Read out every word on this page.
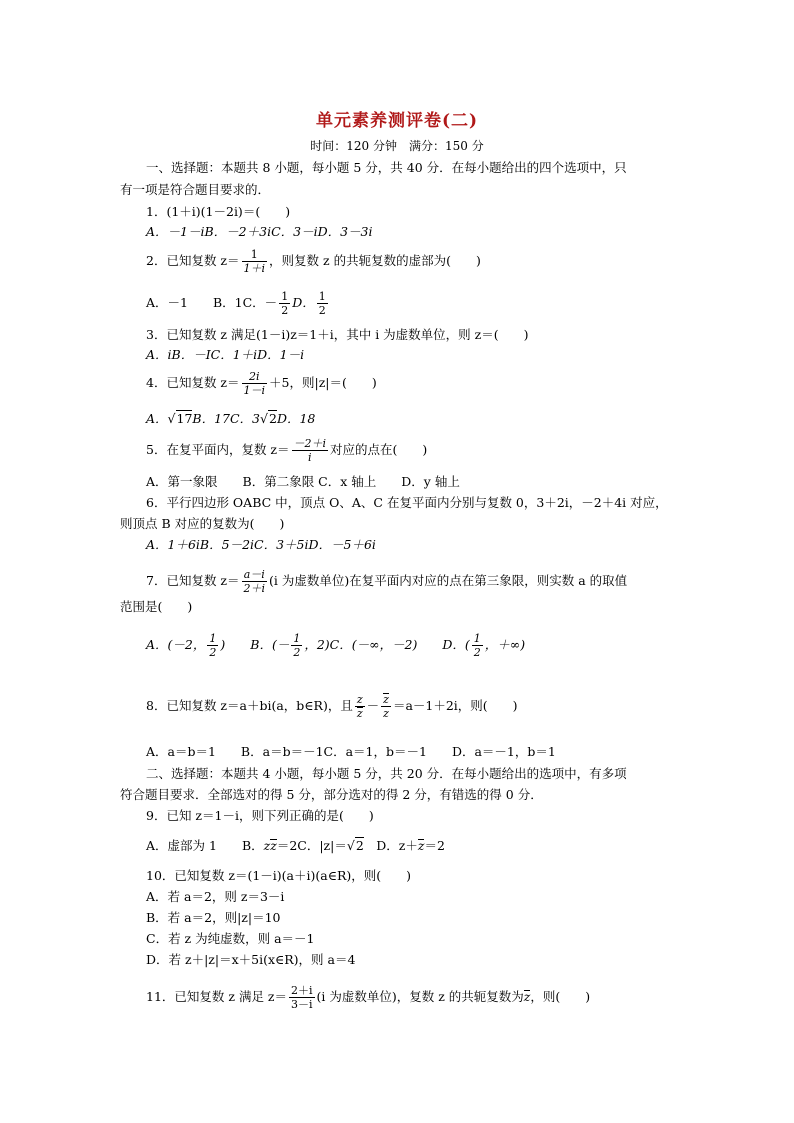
单元素养测评卷(二)
时间：120 分钟　满分：150 分
一、选择题：本题共 8 小题，每小题 5 分，共 40 分．在每小题给出的四个选项中，只
有一项是符合题目要求的．
1．(1＋i)(1－2i)＝(　　)
A．－1－iB．－2＋3iC．3－iD．3－3i
2．已知复数 $z= \frac{1}{1+i}$ ，则复数 z 的共轭复数的虚部为(　　)
A．－1　　B．1C．－ $\frac{1}{2}$ D． $\frac{1}{2}$
3．已知复数 z 满足(1－i)z＝1＋i，其中 i 为虚数单位，则 z＝(　　)
A．iB．－IC．1＋iD．1－i
4．已知复数 $z= \frac{2i}{1-i} +5$，则|z|＝(　　)
A．√17B．17C．3√2D．18
5．在复平面内，复数 $z= \frac{-2+i}{i}$ 对应的点在(　　)
A．第一象限　　B．第二象限 C．x 轴上　　D．y 轴上
6．平行四边形 OABC 中，顶点 O、A、C 在复平面内分别与复数 0，3＋2i，－2＋4i 对应，
则顶点 B 对应的复数为(　　)
A．1＋6iB．5－2iC．3＋5iD．－5＋6i
7．已知复数 $z= \frac{a-i}{2+i} (i$ 为虚数单位)在复平面内对应的点在第三象限，则实数 a 的取值
范围是(　　)
A．(－2， $\frac{1}{2}$ )　　 B．(－ $\frac{1}{2}$ ，2)C．(－∞，－2)　　 D．( $\frac{1}{2}$ ，＋∞)
8．已知复数 z＝a＋bi(a，b∈R)，且 $\frac{z}{z} - \frac{z}{z} =a-1+2i$，则(　　)
A．a＝b＝1　　B．a＝b＝－1C．a＝1，b＝－1　　D．a＝－1，b＝1
二、选择题：本题共 4 小题，每小题 5 分，共 20 分．在每小题给出的选项中，有多项
符合题目要求．全部选对的得 5 分，部分选对的得 2 分，有错选的得 0 分．
9．已知 z＝1－i，则下列正确的是(　　)
A．虚部为 1　　B．zz＝2C．|z|＝√2　D．z＋z＝2
10．已知复数 z＝(1－i)(a＋i)(a∈R)，则(　　)
A．若 a＝2，则 z＝3－i
B．若 a＝2，则|z|＝10
C．若 z 为纯虚数，则 a＝－1
D．若 z＋|z|＝x＋5i(x∈R)，则 a＝4
11．已知复数 z 满足 $z= \frac{2+i}{3-i} (i$ 为虚数单位)，复数 z 的共轭复数为z，则(　　)
